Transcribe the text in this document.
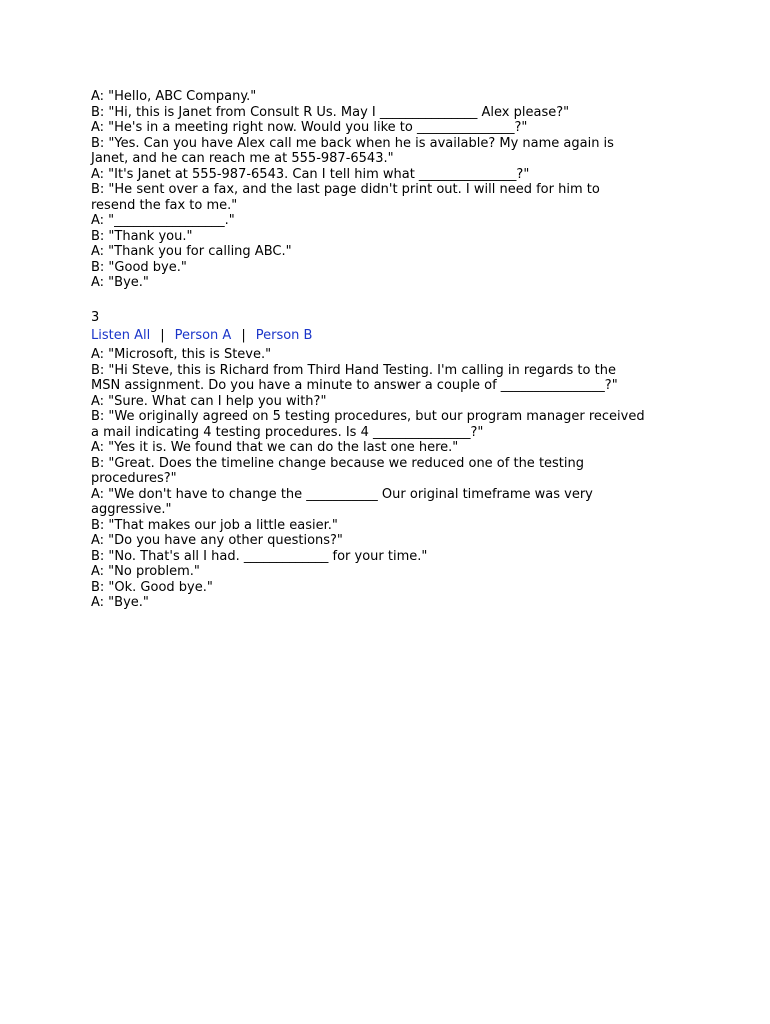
A: "Hello, ABC Company."
B: "Hi, this is Janet from Consult R Us. May I _______________ Alex please?"
A: "He's in a meeting right now. Would you like to _______________?"
B: "Yes. Can you have Alex call me back when he is available? My name again is
Janet, and he can reach me at 555-987-6543."
A: "It's Janet at 555-987-6543. Can I tell him what _______________?"
B: "He sent over a fax, and the last page didn't print out. I will need for him to
resend the fax to me."
A: "_________________."
B: "Thank you."
A: "Thank you for calling ABC."
B: "Good bye."
A: "Bye."
3
Listen All | Person A | Person B
A: "Microsoft, this is Steve."
B: "Hi Steve, this is Richard from Third Hand Testing. I'm calling in regards to the
MSN assignment. Do you have a minute to answer a couple of ________________?"
A: "Sure. What can I help you with?"
B: "We originally agreed on 5 testing procedures, but our program manager received
a mail indicating 4 testing procedures. Is 4 _______________?"
A: "Yes it is. We found that we can do the last one here."
B: "Great. Does the timeline change because we reduced one of the testing
procedures?"
A: "We don't have to change the ___________ Our original timeframe was very
aggressive."
B: "That makes our job a little easier."
A: "Do you have any other questions?"
B: "No. That's all I had. _____________ for your time."
A: "No problem."
B: "Ok. Good bye."
A: "Bye."
